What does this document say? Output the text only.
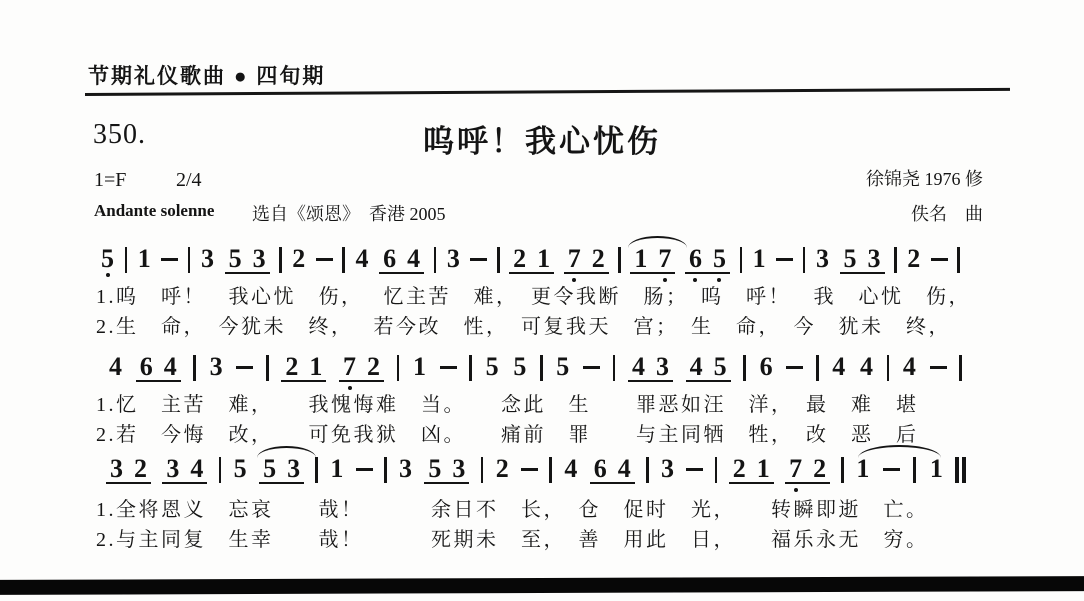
节期礼仪歌曲 ● 四旬期
350.	呜呼！我心忧伤
1=F 2/4	徐锦尧 1976 修
Andante solenne 选自《颂恩》　香港 2005	佚名　曲
5 1 3 5 3 2 4 6 4 3 2 1 7 2 1 7 6 5 1 3 5 3 2
1.呜　呼！　我心忧　伤，　 忆主苦　难，　更令我断　肠；　呜　呼！　我　心忧　伤，
2.生　命，　今犹未　终，　 若今改　性，　可复我天　宫；　生　命，　今　犹未　终，
4 6 4 3 2 1 7 2 1 5 5 5 4 3 4 5 6 4 4 4
1.忆　主苦　难，　　我愧悔难　当。　　念此　生　　罪恶如汪　洋，　最　难　堪
2.若　今悔　改，　　可免我狱　凶。　　痛前　罪　　与主同牺　牲，　改　恶　后
3 2 3 4 5 5 3 1 3 5 3 2 4 6 4 3 2 1 7 2 1 1
1.全将恩义　忘哀　　哉！　　　余日不　长，　仓　促时　光，　　转瞬即逝　亡。
2.与主同复　生幸　　哉！　　　死期未　至，　善　用此　日，　　福乐永无　穷。
